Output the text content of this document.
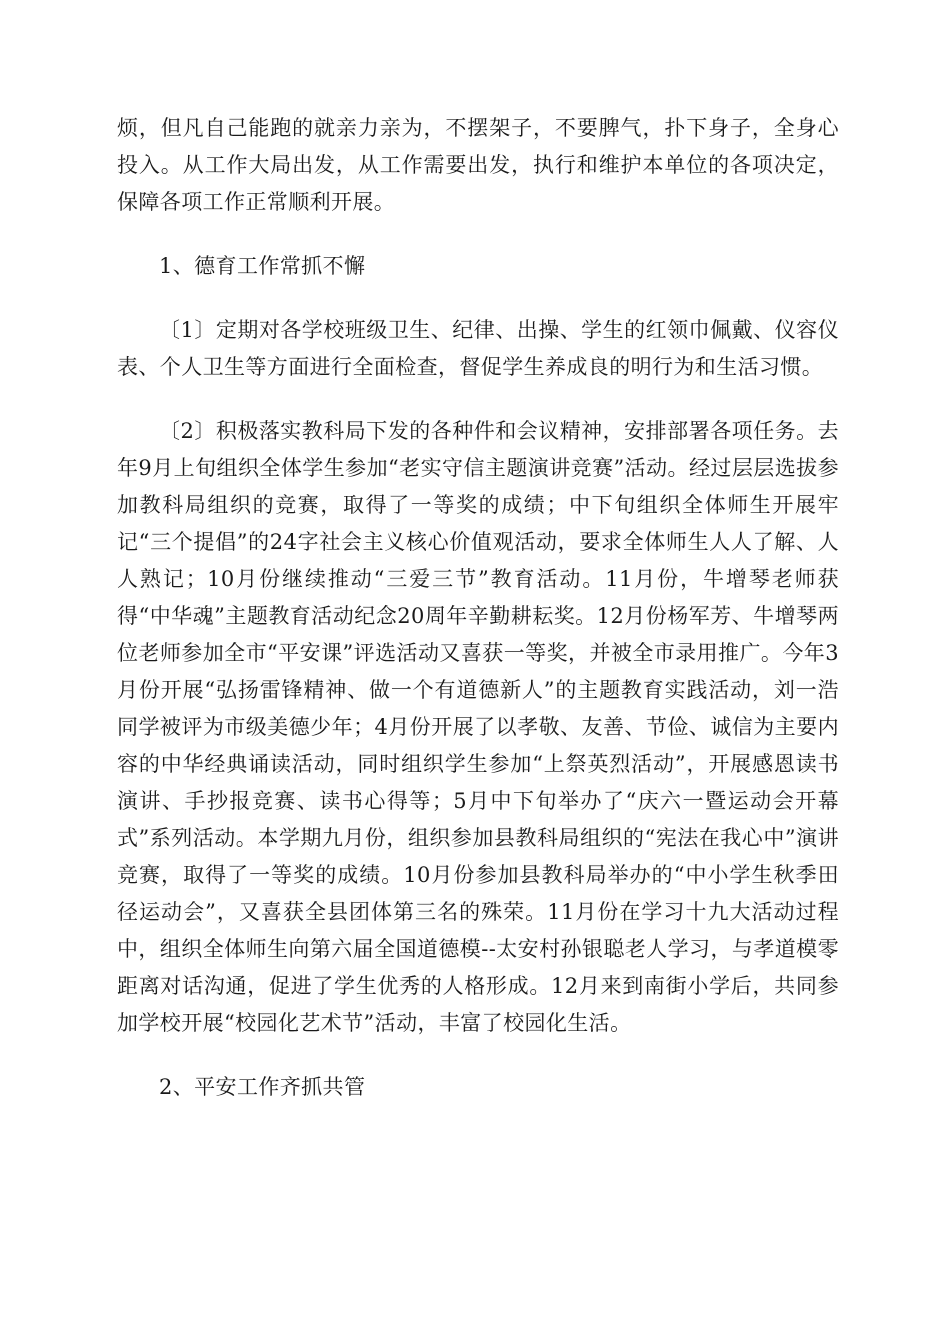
烦，但凡自己能跑的就亲力亲为，不摆架子，不要脾气，扑下身子，全身心投入。从工作大局出发，从工作需要出发，执行和维护本单位的各项决定，保障各项工作正常顺利开展。

1、德育工作常抓不懈

〔1〕定期对各学校班级卫生、纪律、出操、学生的红领巾佩戴、仪容仪表、个人卫生等方面进行全面检查，督促学生养成良的明行为和生活习惯。

〔2〕积极落实教科局下发的各种件和会议精神，安排部署各项任务。去年9月上旬组织全体学生参加“老实守信主题演讲竞赛”活动。经过层层选拔参加教科局组织的竞赛，取得了一等奖的成绩；中下旬组织全体师生开展牢记“三个提倡”的24字社会主义核心价值观活动，要求全体师生人人了解、人人熟记；10月份继续推动“三爱三节”教育活动。11月份，牛增琴老师获得“中华魂”主题教育活动纪念20周年辛勤耕耘奖。12月份杨军芳、牛增琴两位老师参加全市“平安课”评选活动又喜获一等奖，并被全市录用推广。今年3月份开展“弘扬雷锋精神、做一个有道德新人”的主题教育实践活动，刘一浩同学被评为市级美德少年；4月份开展了以孝敬、友善、节俭、诚信为主要内容的中华经典诵读活动，同时组织学生参加“上祭英烈活动”，开展感恩读书演讲、手抄报竞赛、读书心得等；5月中下旬举办了“庆六一暨运动会开幕式”系列活动。本学期九月份，组织参加县教科局组织的“宪法在我心中”演讲竞赛，取得了一等奖的成绩。10月份参加县教科局举办的“中小学生秋季田径运动会”，又喜获全县团体第三名的殊荣。11月份在学习十九大活动过程中，组织全体师生向第六届全国道德模--太安村孙银聪老人学习，与孝道模零距离对话沟通，促进了学生优秀的人格形成。12月来到南街小学后，共同参加学校开展“校园化艺术节”活动，丰富了校园化生活。

2、平安工作齐抓共管
